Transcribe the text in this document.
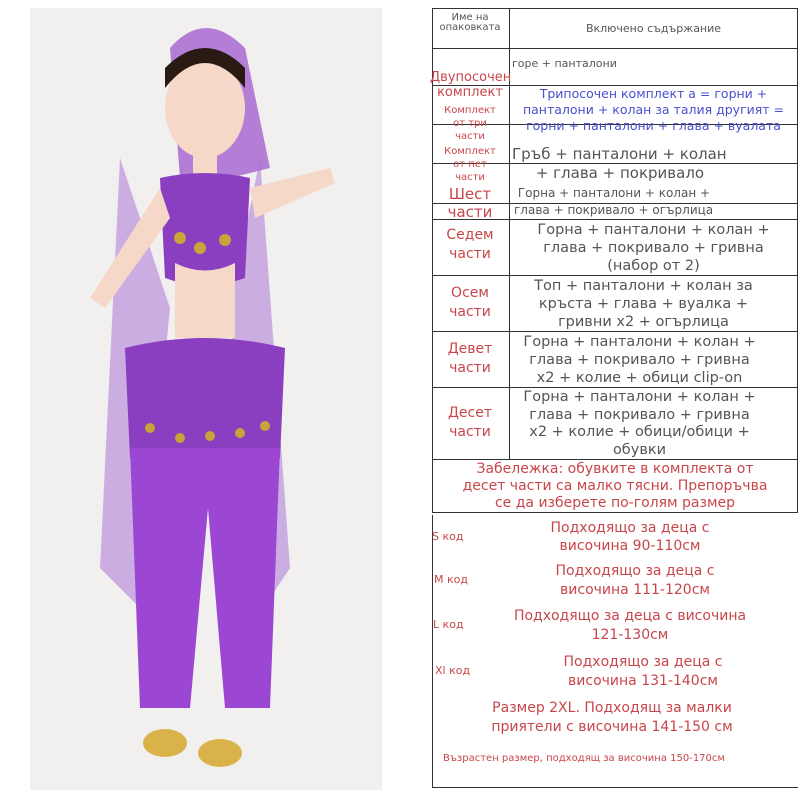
Име на
опаковката	Включено съдържание
Двупосочен
комплект
Комплект
от три
части
Комплект
от пет
части
Шест
части
Седем
части
Осем
части
Девет
части
Десет
части
горе + панталони
Трипосочен комплект а = горни +
панталони + колан за талия другият =
горни + панталони + глава + вуалата
Гръб + панталони + колан
+ глава + покривало
Горна + панталони + колан +
глава + покривало + огърлица
Горна + панталони + колан +
глава + покривало + гривна
(набор от 2)
Топ + панталони + колан за
кръста + глава + вуалка +
гривни x2 + огърлица
Горна + панталони + колан +
глава + покривало + гривна
x2 + колие + обици clip-on
Горна + панталони + колан +
глава + покривало + гривна
x2 + колие + обици/обици +
обувки
Забележка: обувките в комплекта от
десет части са малко тясни. Препоръчва
се да изберете по-голям размер
S код
Подходящо за деца с
височина 90-110см
M код
Подходящо за деца с
височина 111-120см
L код
Подходящо за деца с височина
121-130см
Xl код
Подходящо за деца с
височина 131-140см
Размер 2XL. Подходящ за малки
приятели с височина 141-150 см
Възрастен размер, подходящ за височина 150-170см
